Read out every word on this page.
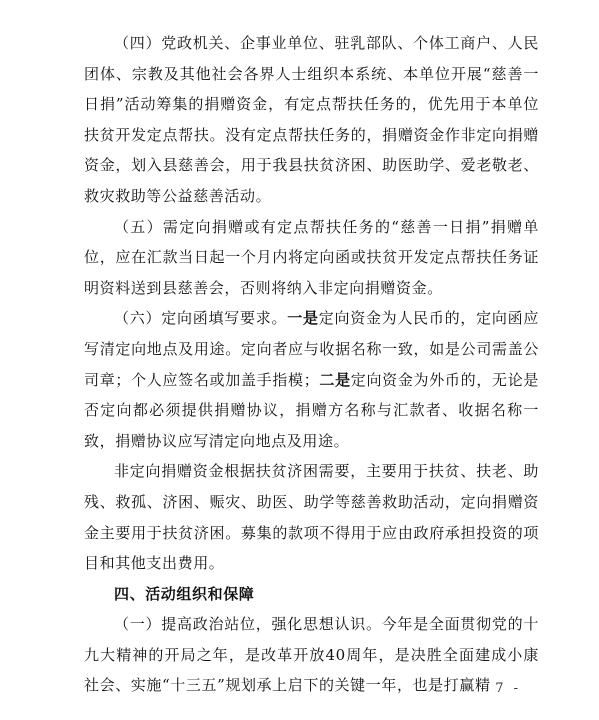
（四）党政机关、企事业单位、驻乳部队、个体工商户、人民团体、宗教及其他社会各界人士组织本系统、本单位开展“慈善一日捐”活动筹集的捐赠资金，有定点帮扶任务的，优先用于本单位扶贫开发定点帮扶。没有定点帮扶任务的，捐赠资金作非定向捐赠资金，划入县慈善会，用于我县扶贫济困、助医助学、爱老敬老、救灾救助等公益慈善活动。

（五）需定向捐赠或有定点帮扶任务的“慈善一日捐”捐赠单位，应在汇款当日起一个月内将定向函或扶贫开发定点帮扶任务证明资料送到县慈善会，否则将纳入非定向捐赠资金。

（六）定向函填写要求。一是定向资金为人民币的，定向函应写清定向地点及用途。定向者应与收据名称一致，如是公司需盖公司章；个人应签名或加盖手指模；二是定向资金为外币的，无论是否定向都必须提供捐赠协议，捐赠方名称与汇款者、收据名称一致，捐赠协议应写清定向地点及用途。

非定向捐赠资金根据扶贫济困需要，主要用于扶贫、扶老、助残、救孤、济困、赈灾、助医、助学等慈善救助活动，定向捐赠资金主要用于扶贫济困。募集的款项不得用于应由政府承担投资的项目和其他支出费用。

四、活动组织和保障

（一）提高政治站位，强化思想认识。今年是全面贯彻党的十九大精神的开局之年，是改革开放40周年，是决胜全面建成小康社会、实施“十三五”规划承上启下的关键一年，也是打赢精

- 7 -
